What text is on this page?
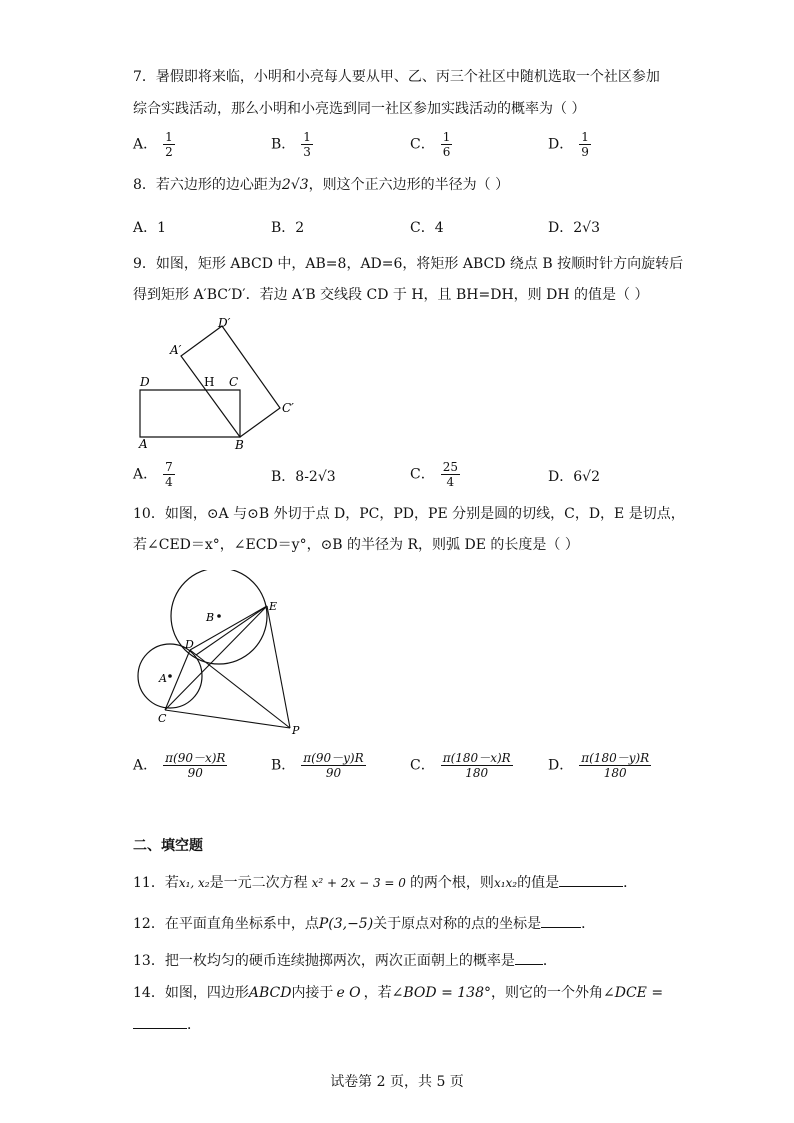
7．暑假即将来临，小明和小亮每人要从甲、乙、丙三个社区中随机选取一个社区参加
综合实践活动，那么小明和小亮选到同一社区参加实践活动的概率为（ ）
A． $\frac{1}{2}$	B． $\frac{1}{3}$	C． $\frac{1}{6}$	D． $\frac{1}{9}$
8．若六边形的边心距为2√3，则这个正六边形的半径为（ ）
A．1	B．2	C．4	D．2√3
9．如图，矩形 ABCD 中，AB=8，AD=6，将矩形 ABCD 绕点 B 按顺时针方向旋转后
得到矩形 A′BC′D′．若边 A′B 交线段 CD 于 H，且 BH=DH，则 DH 的值是（ ）
A	B
C
D	H
A′
C′
D′
A． $\frac{7}{4}$	B．8-2√3	C． $\frac{25}{4}$	D．6√2
10．如图，⊙A 与⊙B 外切于点 D，PC，PD，PE 分别是圆的切线，C，D，E 是切点，
若∠CED＝x°，∠ECD＝y°，⊙B 的半径为 R，则弧 DE 的长度是（ ）
B
A
D
E
C
P
A． $\frac{\pi(90-x)R}{90}$	B． $\frac{\pi(90-y)R}{90}$	C． $\frac{\pi(180-x)R}{180}$	D． $\frac{\pi(180-y)R}{180}$
二、填空题
11．若x₁, x₂是一元二次方程 x² + 2x − 3 = 0 的两个根，则x₁x₂的值是	．
12．在平面直角坐标系中，点P(3,−5)关于原点对称的点的坐标是	．
13．把一枚均匀的硬币连续抛掷两次，两次正面朝上的概率是 ．
14．如图，四边形ABCD内接于 e O ，若∠BOD = 138°，则它的一个外角∠DCE =
．
试卷第 2 页，共 5 页
